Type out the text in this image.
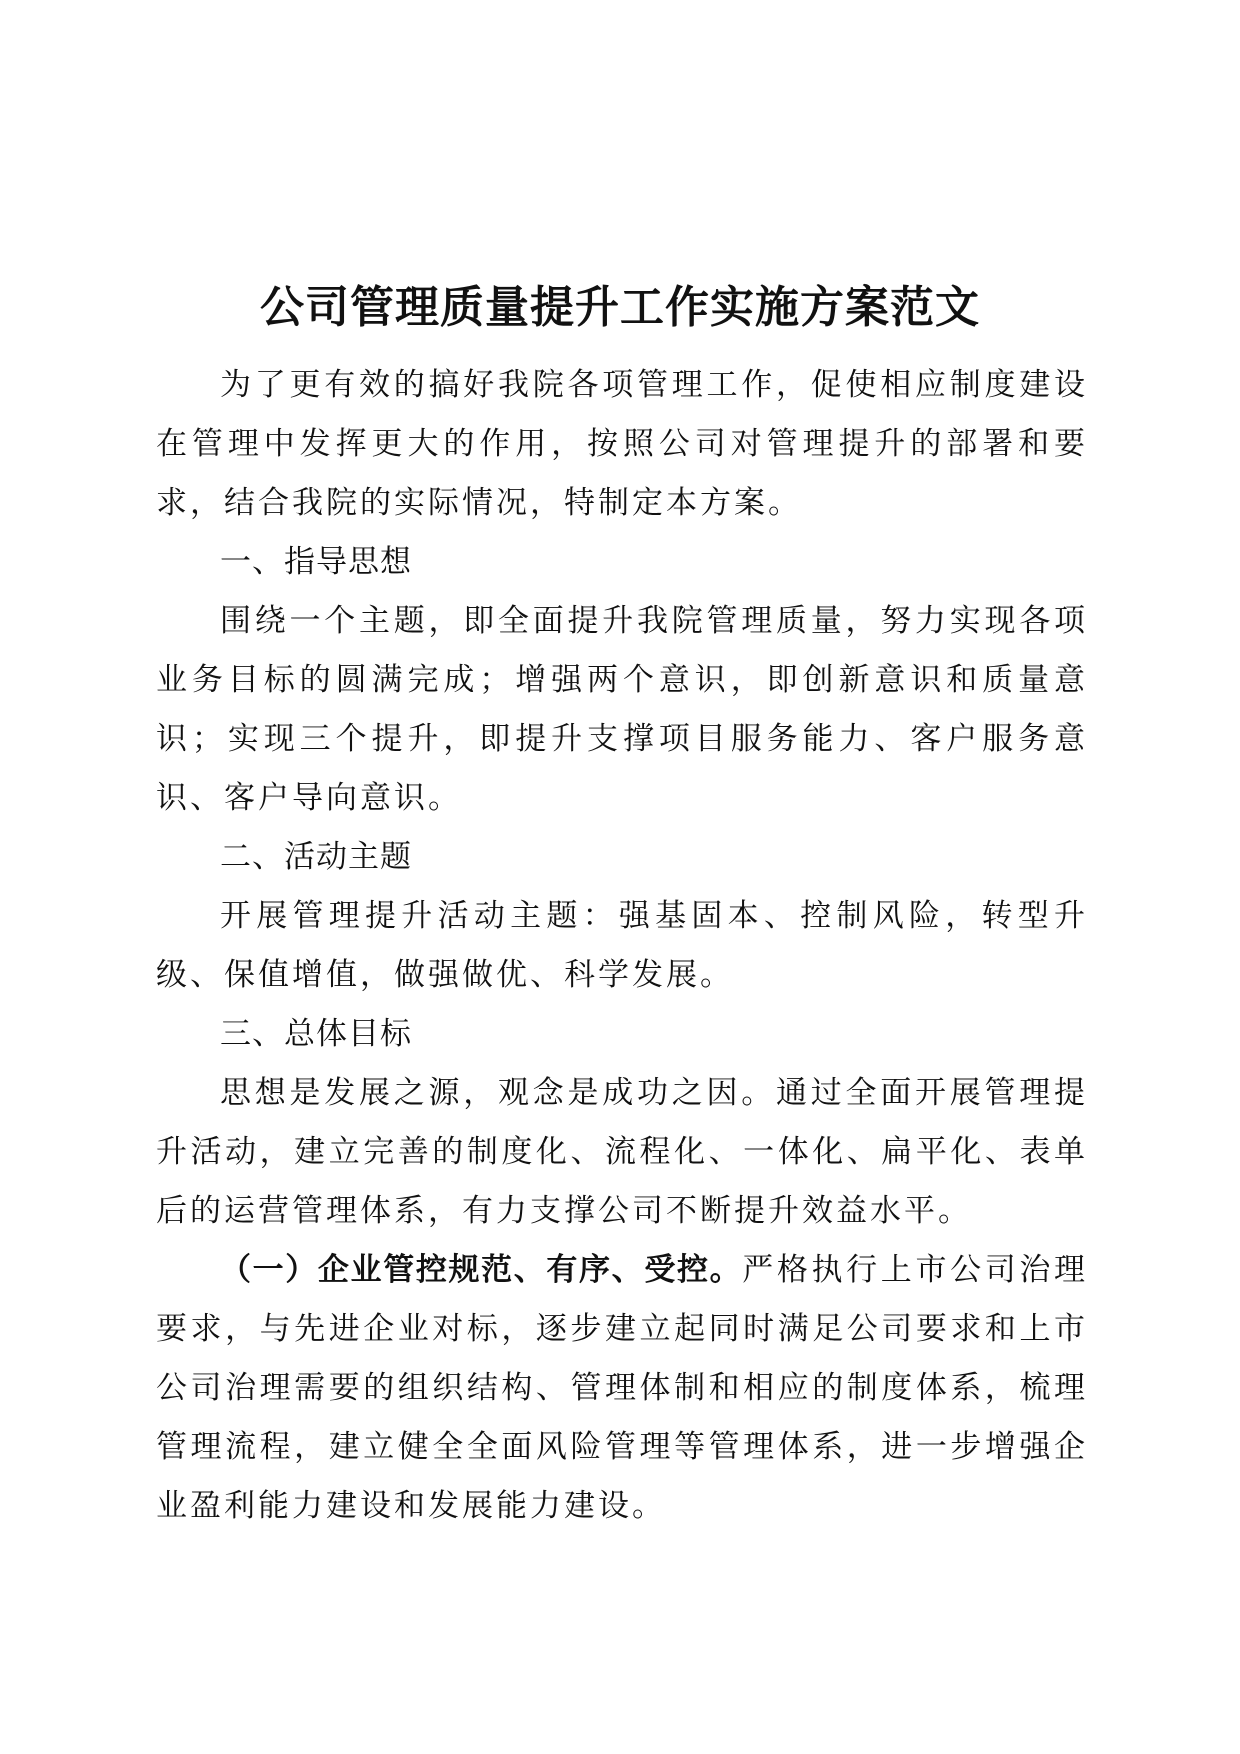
公司管理质量提升工作实施方案范文

为了更有效的搞好我院各项管理工作，促使相应制度建设在管理中发挥更大的作用，按照公司对管理提升的部署和要求，结合我院的实际情况，特制定本方案。

一、指导思想

围绕一个主题，即全面提升我院管理质量，努力实现各项业务目标的圆满完成；增强两个意识，即创新意识和质量意识；实现三个提升，即提升支撑项目服务能力、客户服务意识、客户导向意识。

二、活动主题

开展管理提升活动主题：强基固本、控制风险，转型升级、保值增值，做强做优、科学发展。

三、总体目标

思想是发展之源，观念是成功之因。通过全面开展管理提升活动，建立完善的制度化、流程化、一体化、扁平化、表单后的运营管理体系，有力支撑公司不断提升效益水平。

（一）企业管控规范、有序、受控。严格执行上市公司治理要求，与先进企业对标，逐步建立起同时满足公司要求和上市公司治理需要的组织结构、管理体制和相应的制度体系，梳理管理流程，建立健全全面风险管理等管理体系，进一步增强企业盈利能力建设和发展能力建设。
